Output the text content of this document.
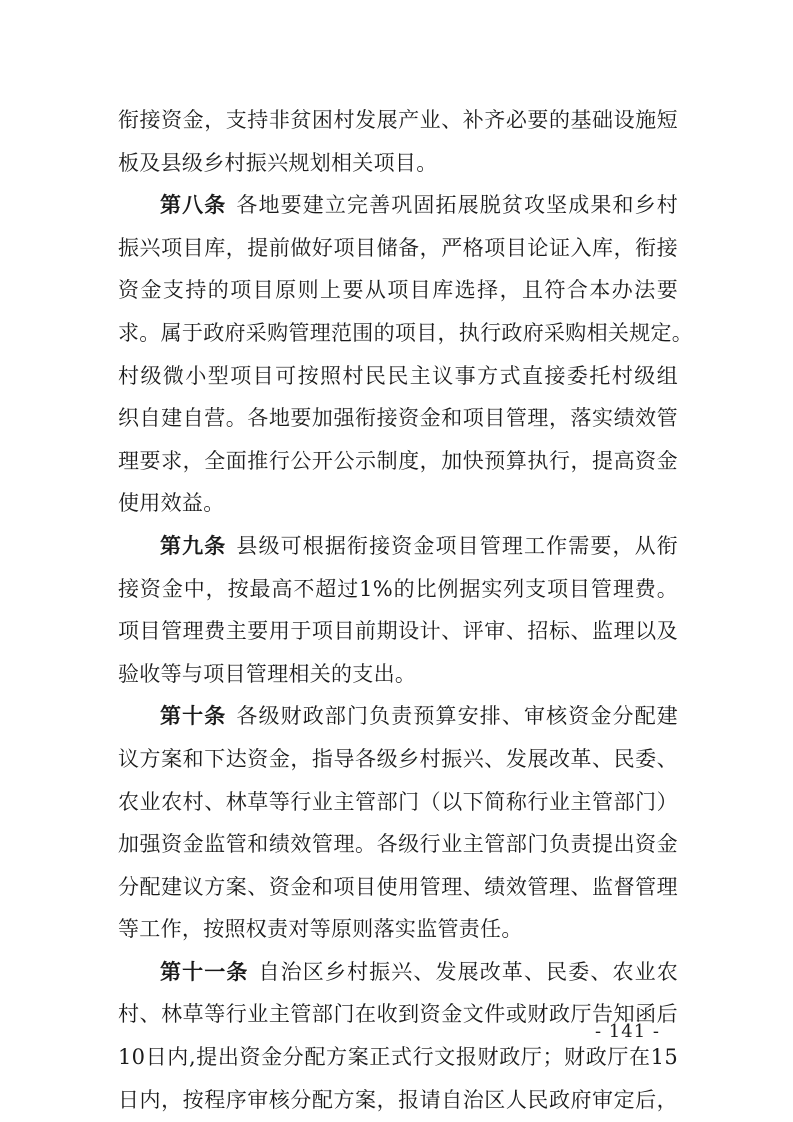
衔接资金，支持非贫困村发展产业、补齐必要的基础设施短
板及县级乡村振兴规划相关项目。
第八条 各地要建立完善巩固拓展脱贫攻坚成果和乡村
振兴项目库，提前做好项目储备，严格项目论证入库，衔接
资金支持的项目原则上要从项目库选择，且符合本办法要
求。属于政府采购管理范围的项目，执行政府采购相关规定。
村级微小型项目可按照村民民主议事方式直接委托村级组
织自建自营。各地要加强衔接资金和项目管理，落实绩效管
理要求，全面推行公开公示制度，加快预算执行，提高资金
使用效益。
第九条 县级可根据衔接资金项目管理工作需要，从衔
接资金中，按最高不超过1%的比例据实列支项目管理费。
项目管理费主要用于项目前期设计、评审、招标、监理以及
验收等与项目管理相关的支出。
第十条 各级财政部门负责预算安排、审核资金分配建
议方案和下达资金，指导各级乡村振兴、发展改革、民委、
农业农村、林草等行业主管部门（以下简称行业主管部门）
加强资金监管和绩效管理。各级行业主管部门负责提出资金
分配建议方案、资金和项目使用管理、绩效管理、监督管理
等工作，按照权责对等原则落实监管责任。
第十一条 自治区乡村振兴、发展改革、民委、农业农
村、林草等行业主管部门在收到资金文件或财政厅告知函后
10日内,提出资金分配方案正式行文报财政厅；财政厅在15
日内，按程序审核分配方案，报请自治区人民政府审定后，
- 141 -
